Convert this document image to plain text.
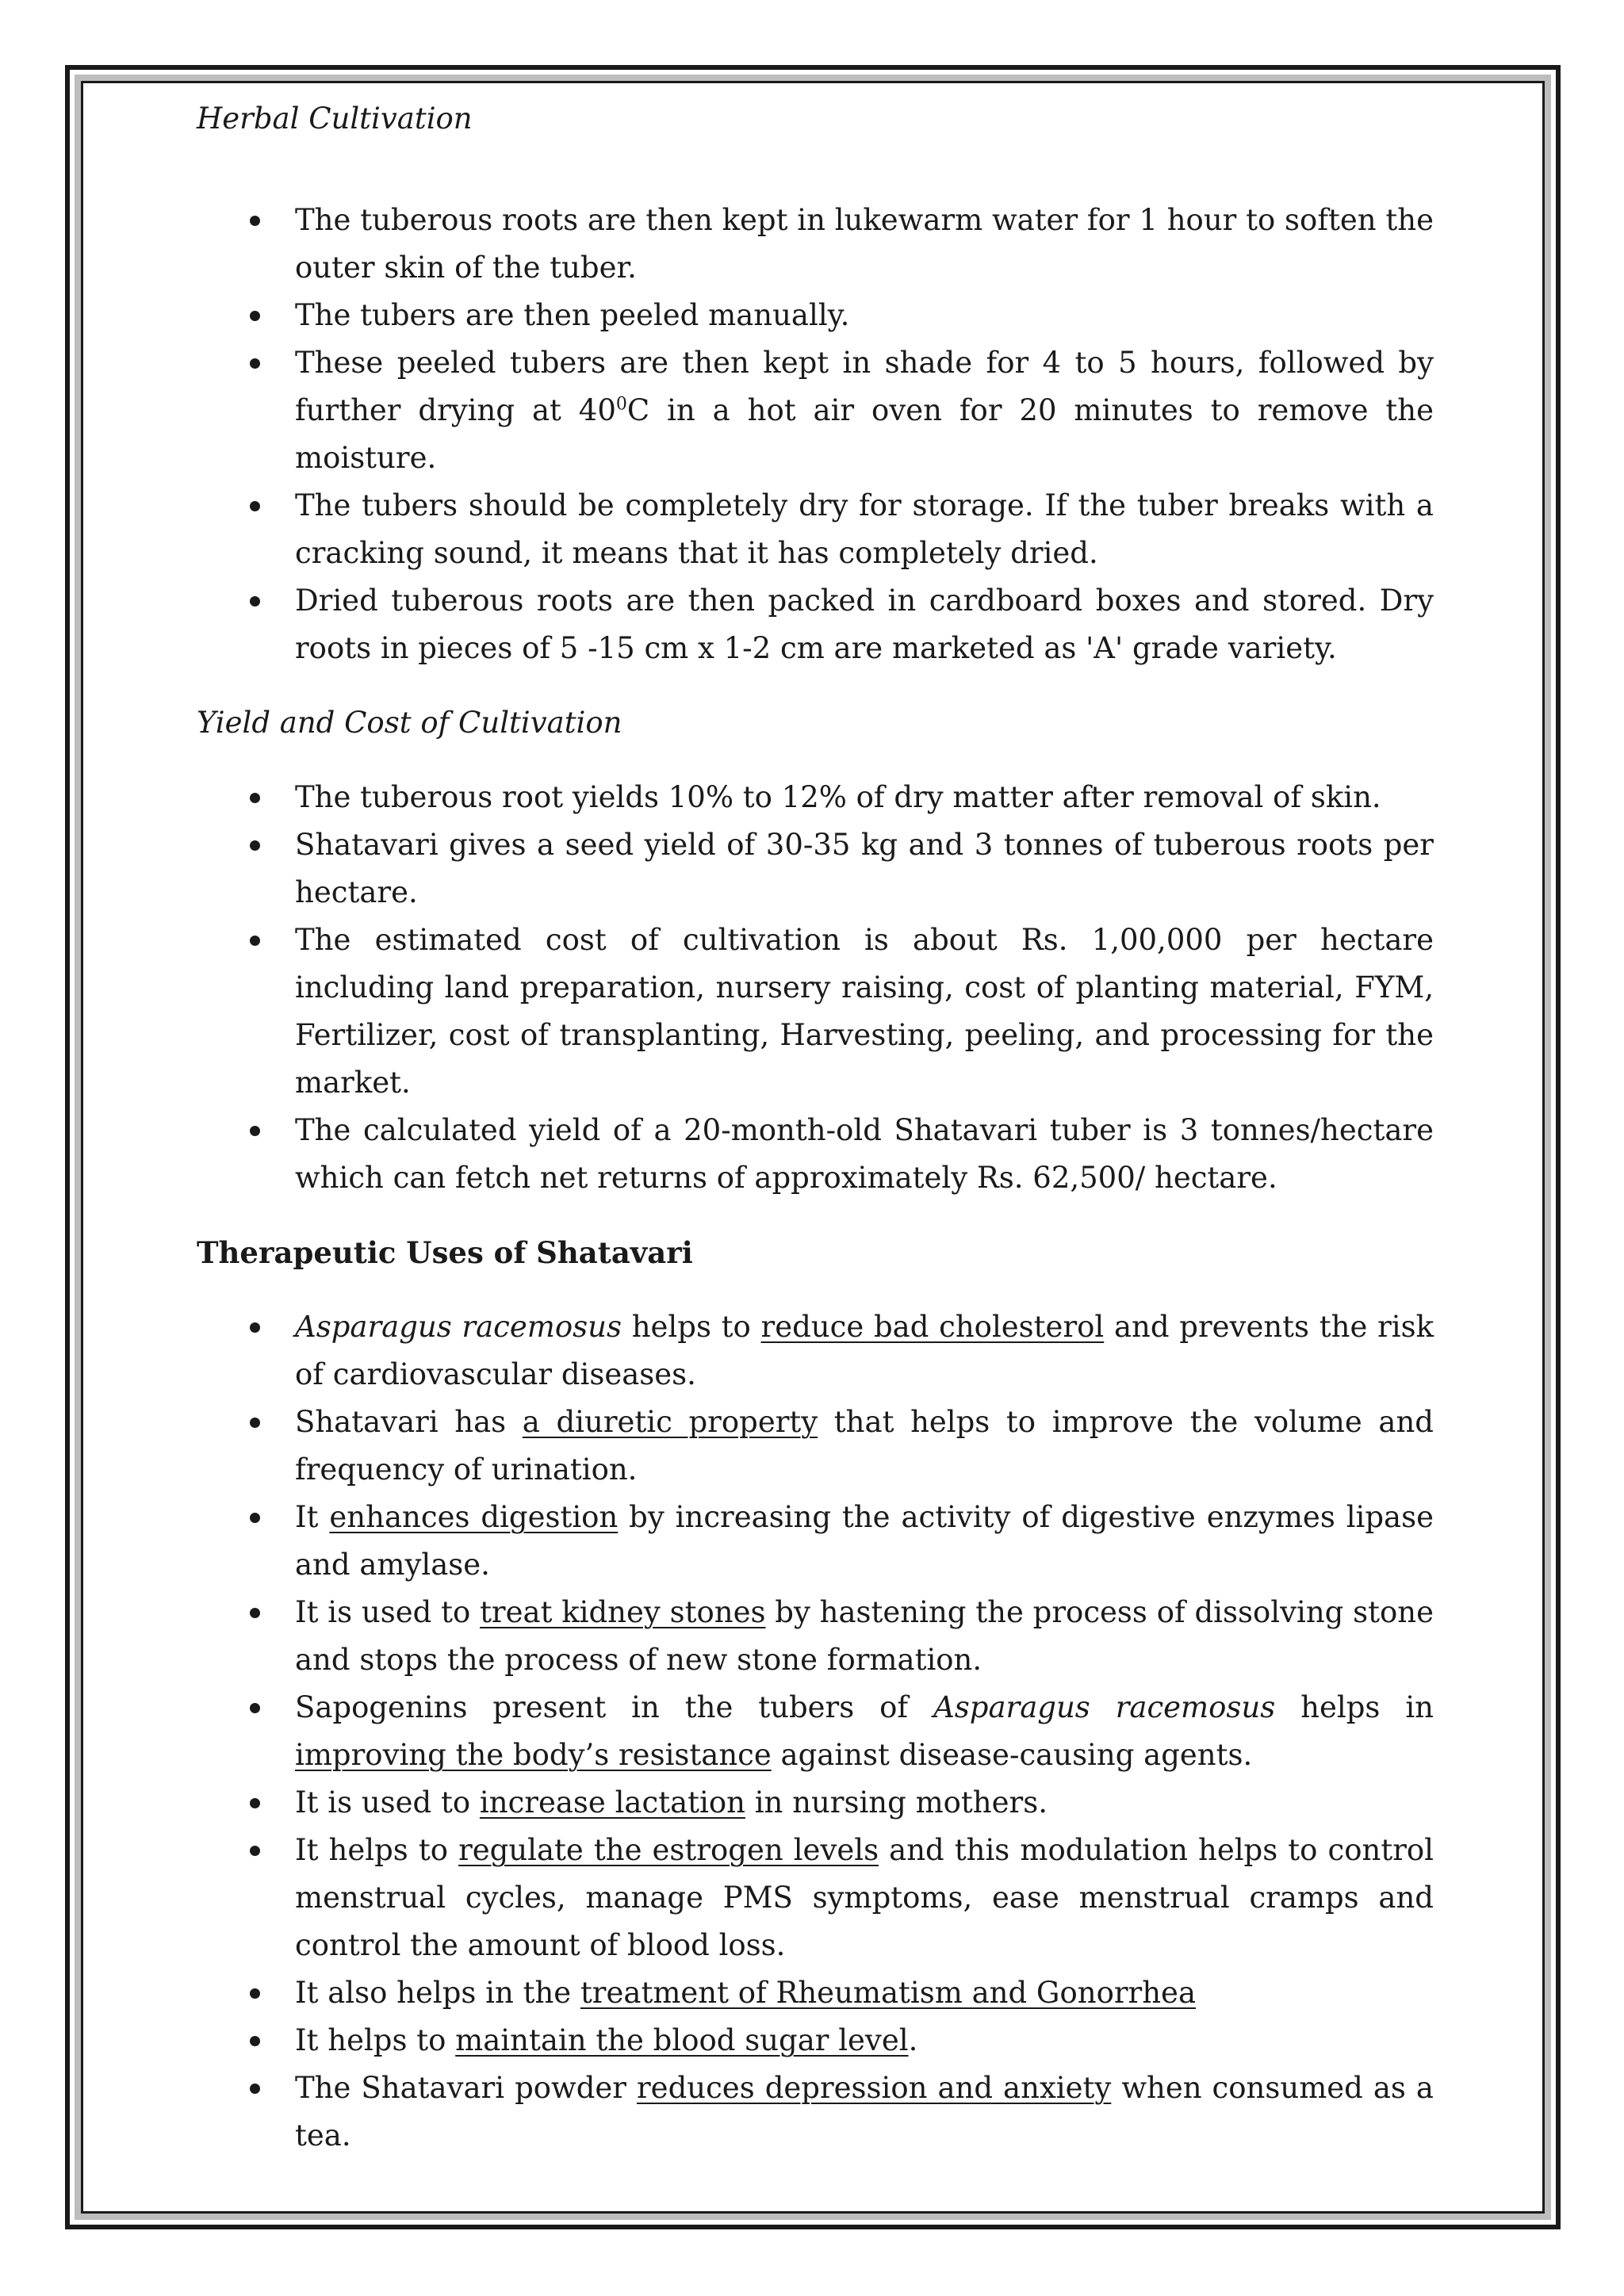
Herbal Cultivation

The tuberous roots are then kept in lukewarm water for 1 hour to soften the outer skin of the tuber.
The tubers are then peeled manually.
These peeled tubers are then kept in shade for 4 to 5 hours, followed by further drying at $40^0C$ in a hot air oven for 20 minutes to remove the moisture.
The tubers should be completely dry for storage. If the tuber breaks with a cracking sound, it means that it has completely dried.
Dried tuberous roots are then packed in cardboard boxes and stored. Dry roots in pieces of 5 -15 cm x 1-2 cm are marketed as 'A' grade variety.

Yield and Cost of Cultivation

The tuberous root yields 10% to 12% of dry matter after removal of skin.
Shatavari gives a seed yield of 30-35 kg and 3 tonnes of tuberous roots per hectare.
The estimated cost of cultivation is about Rs. 1,00,000 per hectare including land preparation, nursery raising, cost of planting material, FYM, Fertilizer, cost of transplanting, Harvesting, peeling, and processing for the market.
The calculated yield of a 20-month-old Shatavari tuber is 3 tonnes/hectare which can fetch net returns of approximately Rs. 62,500/ hectare.

Therapeutic Uses of Shatavari

Asparagus racemosus helps to reduce bad cholesterol and prevents the risk of cardiovascular diseases.
Shatavari has a diuretic property that helps to improve the volume and frequency of urination.
It enhances digestion by increasing the activity of digestive enzymes lipase and amylase.
It is used to treat kidney stones by hastening the process of dissolving stone and stops the process of new stone formation.
Sapogenins present in the tubers of Asparagus racemosus helps in improving the body’s resistance against disease-causing agents.
It is used to increase lactation in nursing mothers.
It helps to regulate the estrogen levels and this modulation helps to control menstrual cycles, manage PMS symptoms, ease menstrual cramps and control the amount of blood loss.
It also helps in the treatment of Rheumatism and Gonorrhea
It helps to maintain the blood sugar level.
The Shatavari powder reduces depression and anxiety when consumed as a tea.
